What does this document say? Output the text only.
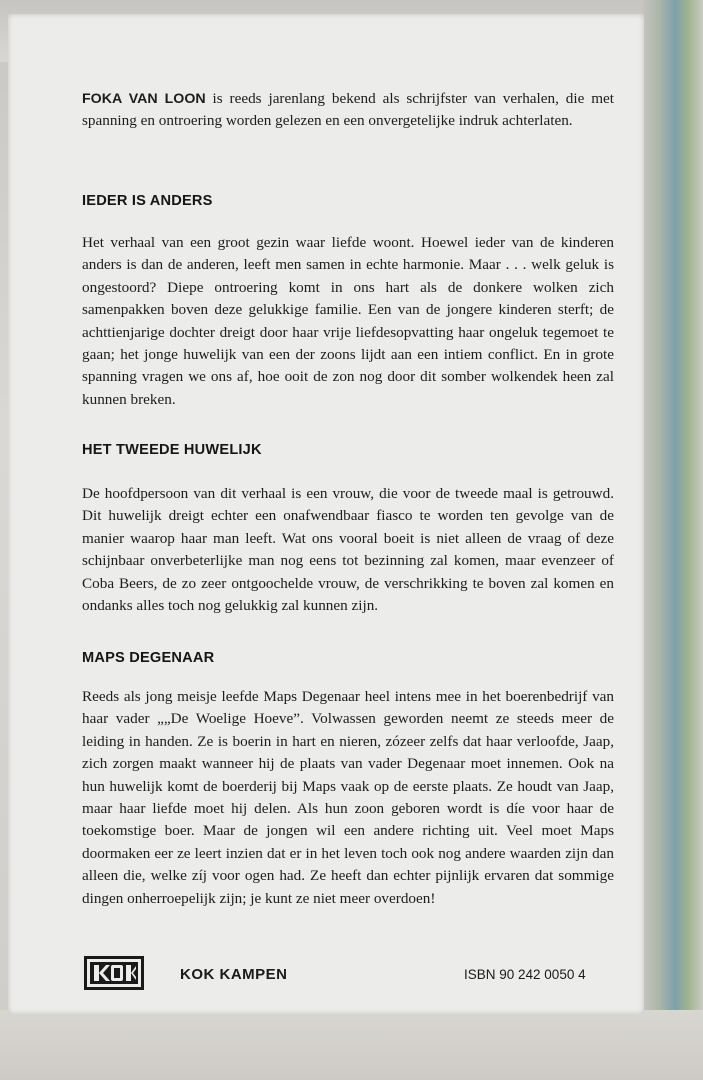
FOKA VAN LOON is reeds jarenlang bekend als schrijfster van verhalen, die met spanning en ontroering worden gelezen en een onvergetelijke indruk achterlaten.

IEDER IS ANDERS

Het verhaal van een groot gezin waar liefde woont. Hoewel ieder van de kinderen anders is dan de anderen, leeft men samen in echte harmonie. Maar . . . welk geluk is ongestoord? Diepe ontroering komt in ons hart als de donkere wolken zich samenpakken boven deze gelukkige familie. Een van de jongere kinderen sterft; de achttienjarige dochter dreigt door haar vrije liefdesopvatting haar ongeluk tegemoet te gaan; het jonge huwelijk van een der zoons lijdt aan een intiem conflict. En in grote spanning vragen we ons af, hoe ooit de zon nog door dit somber wolkendek heen zal kunnen breken.

HET TWEEDE HUWELIJK

De hoofdpersoon van dit verhaal is een vrouw, die voor de tweede maal is getrouwd. Dit huwelijk dreigt echter een onafwendbaar fiasco te worden ten gevolge van de manier waarop haar man leeft. Wat ons vooral boeit is niet alleen de vraag of deze schijnbaar onverbeterlijke man nog eens tot bezinning zal komen, maar evenzeer of Coba Beers, de zo zeer ontgoochelde vrouw, de verschrikking te boven zal komen en ondanks alles toch nog gelukkig zal kunnen zijn.

MAPS DEGENAAR

Reeds als jong meisje leefde Maps Degenaar heel intens mee in het boerenbedrijf van haar vader „„De Woelige Hoeve”. Volwassen geworden neemt ze steeds meer de leiding in handen. Ze is boerin in hart en nieren, zózeer zelfs dat haar verloofde, Jaap, zich zorgen maakt wanneer hij de plaats van vader Degenaar moet innemen. Ook na hun huwelijk komt de boerderij bij Maps vaak op de eerste plaats. Ze houdt van Jaap, maar haar liefde moet hij delen. Als hun zoon geboren wordt is díe voor haar de toekomstige boer. Maar de jongen wil een andere richting uit. Veel moet Maps doormaken eer ze leert inzien dat er in het leven toch ook nog andere waarden zijn dan alleen die, welke zíj voor ogen had. Ze heeft dan echter pijnlijk ervaren dat sommige dingen onherroepelijk zijn; je kunt ze niet meer overdoen!

KOK KAMPEN	ISBN 90 242 0050 4
